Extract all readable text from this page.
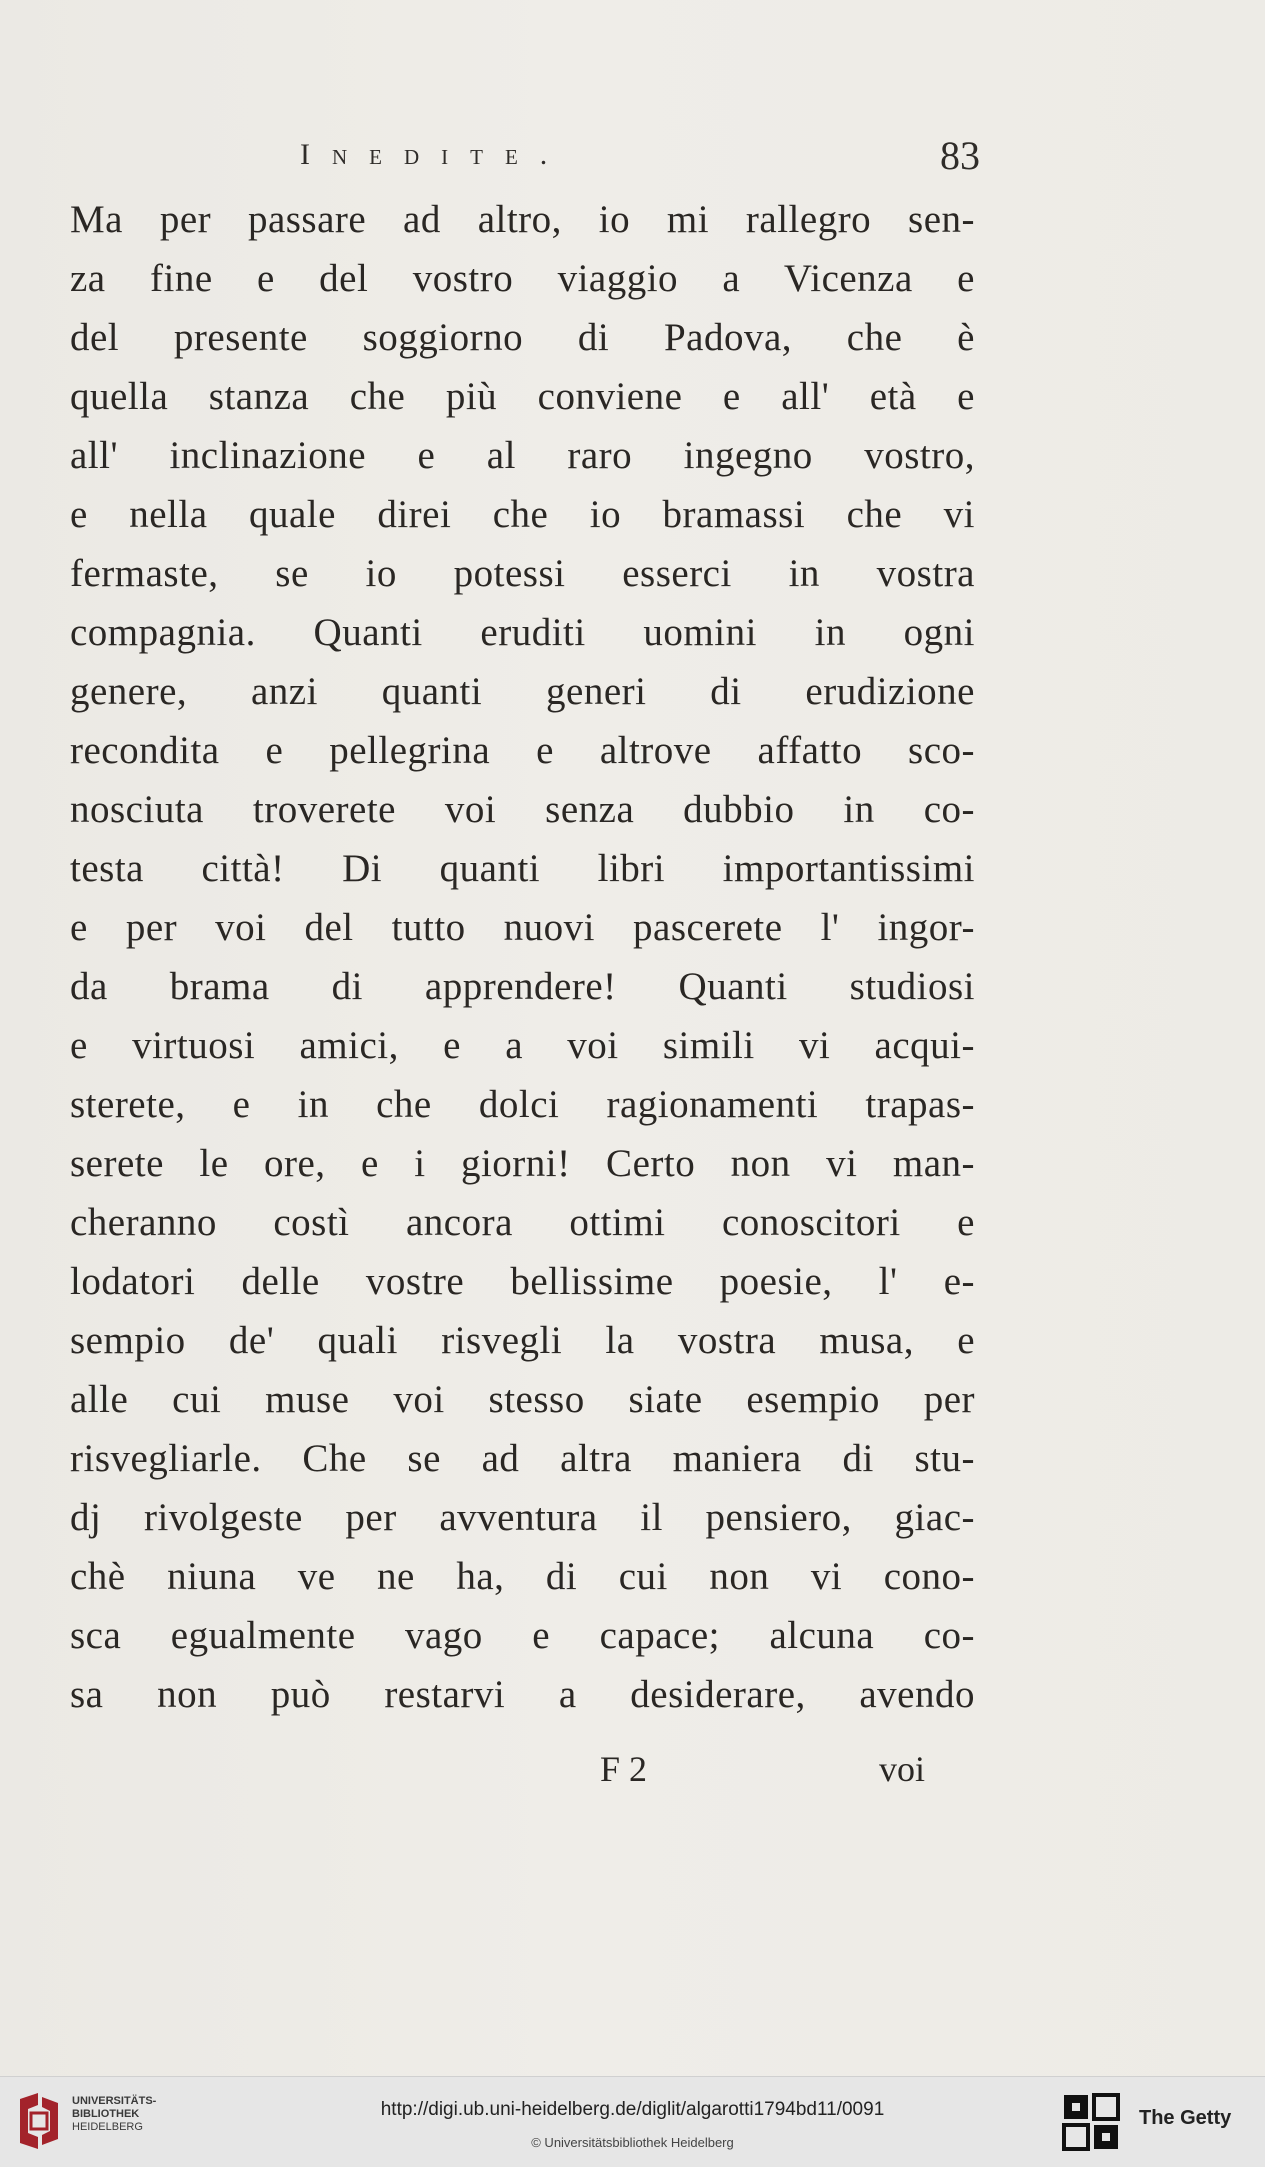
Inedite.	83
Ma per passare ad altro, io mi rallegro sen-
za fine e del vostro viaggio a Vicenza e
del presente soggiorno di Padova, che è
quella stanza che più conviene e all' età e
all' inclinazione e al raro ingegno vostro,
e nella quale direi che io bramassi che vi
fermaste, se io potessi esserci in vostra
compagnia. Quanti eruditi uomini in ogni
genere, anzi quanti generi di erudizione
recondita e pellegrina e altrove affatto sco-
nosciuta troverete voi senza dubbio in co-
testa città! Di quanti libri importantissimi
e per voi del tutto nuovi pascerete l' ingor-
da brama di apprendere! Quanti studiosi
e virtuosi amici, e a voi simili vi acqui-
sterete, e in che dolci ragionamenti trapas-
serete le ore, e i giorni! Certo non vi man-
cheranno costì ancora ottimi conoscitori e
lodatori delle vostre bellissime poesie, l' e-
sempio de' quali risvegli la vostra musa, e
alle cui muse voi stesso siate esempio per
risvegliarle. Che se ad altra maniera di stu-
dj rivolgeste per avventura il pensiero, giac-
chè niuna ve ne ha, di cui non vi cono-
sca egualmente vago e capace; alcuna co-
sa non può restarvi a desiderare, avendo
F 2	voi
UNIVERSITÄTS-
BIBLIOTHEK
HEIDELBERG
http://digi.ub.uni-heidelberg.de/diglit/algarotti1794bd11/0091
© Universitätsbibliothek Heidelberg
The Getty
